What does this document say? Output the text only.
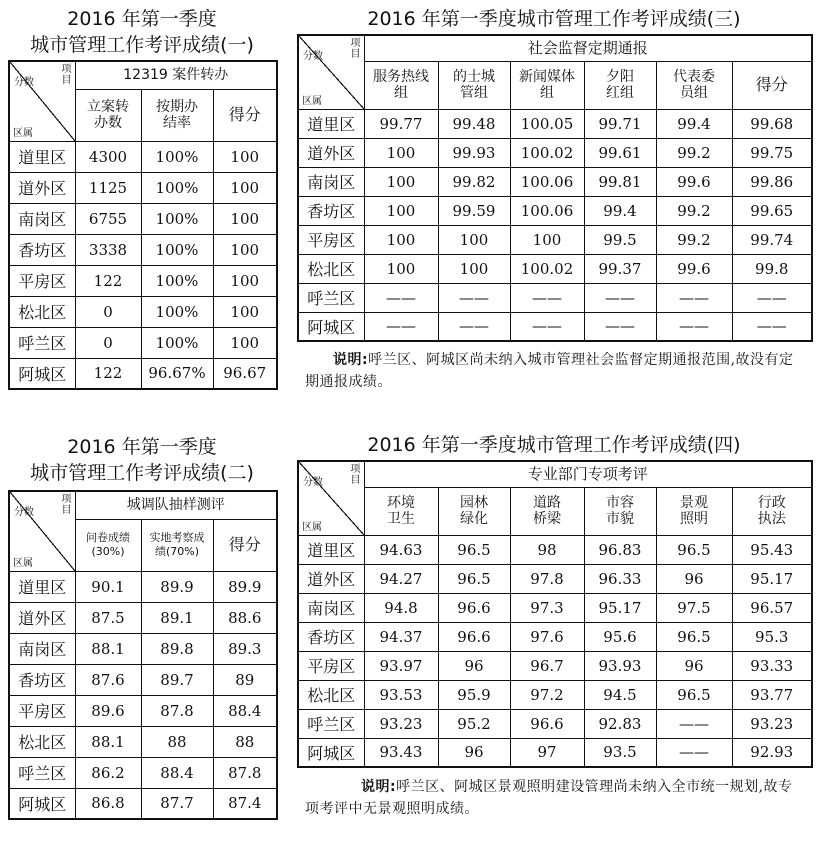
2016 年第一季度
城市管理工作考评成绩(一)
项目
分数
区属	12319 案件转办		
	立案转办数	按期办结率	得分
道里区	4300	100%	100
道外区	1125	100%	100
南岗区	6755	100%	100
香坊区	3338	100%	100
平房区	122	100%	100
松北区	0	100%	100
呼兰区	0	100%	100
阿城区	122	96.67%	96.67
2016 年第一季度
城市管理工作考评成绩(二)
项目
分数
区属	城调队抽样测评		
	问卷成绩(30%)	实地考察成绩(70%)	得分
道里区	90.1	89.9	89.9
道外区	87.5	89.1	88.6
南岗区	88.1	89.8	89.3
香坊区	87.6	89.7	89
平房区	89.6	87.8	88.4
松北区	88.1	88	88
呼兰区	86.2	88.4	87.8
阿城区	86.8	87.7	87.4
2016 年第一季度城市管理工作考评成绩(三)
项目
分数
区属	社会监督定期通报					
	服务热线组	的士城管组	新闻媒体组	夕阳红组	代表委员组	得分
道里区	99.77	99.48	100.05	99.71	99.4	99.68
道外区	100	99.93	100.02	99.61	99.2	99.75
南岗区	100	99.82	100.06	99.81	99.6	99.86
香坊区	100	99.59	100.06	99.4	99.2	99.65
平房区	100	100	100	99.5	99.2	99.74
松北区	100	100	100.02	99.37	99.6	99.8
呼兰区	——	——	——	——	——	——
阿城区	——	——	——	——	——	——
说明:呼兰区、阿城区尚未纳入城市管理社会监督定期通报范围,故没有定期通报成绩。
2016 年第一季度城市管理工作考评成绩(四)
项目
分数
区属	专业部门专项考评					
	环境卫生	园林绿化	道路桥梁	市容市貌	景观照明	行政执法
道里区	94.63	96.5	98	96.83	96.5	95.43
道外区	94.27	96.5	97.8	96.33	96	95.17
南岗区	94.8	96.6	97.3	95.17	97.5	96.57
香坊区	94.37	96.6	97.6	95.6	96.5	95.3
平房区	93.97	96	96.7	93.93	96	93.33
松北区	93.53	95.9	97.2	94.5	96.5	93.77
呼兰区	93.23	95.2	96.6	92.83	——	93.23
阿城区	93.43	96	97	93.5	——	92.93
说明:呼兰区、阿城区景观照明建设管理尚未纳入全市统一规划,故专项考评中无景观照明成绩。
